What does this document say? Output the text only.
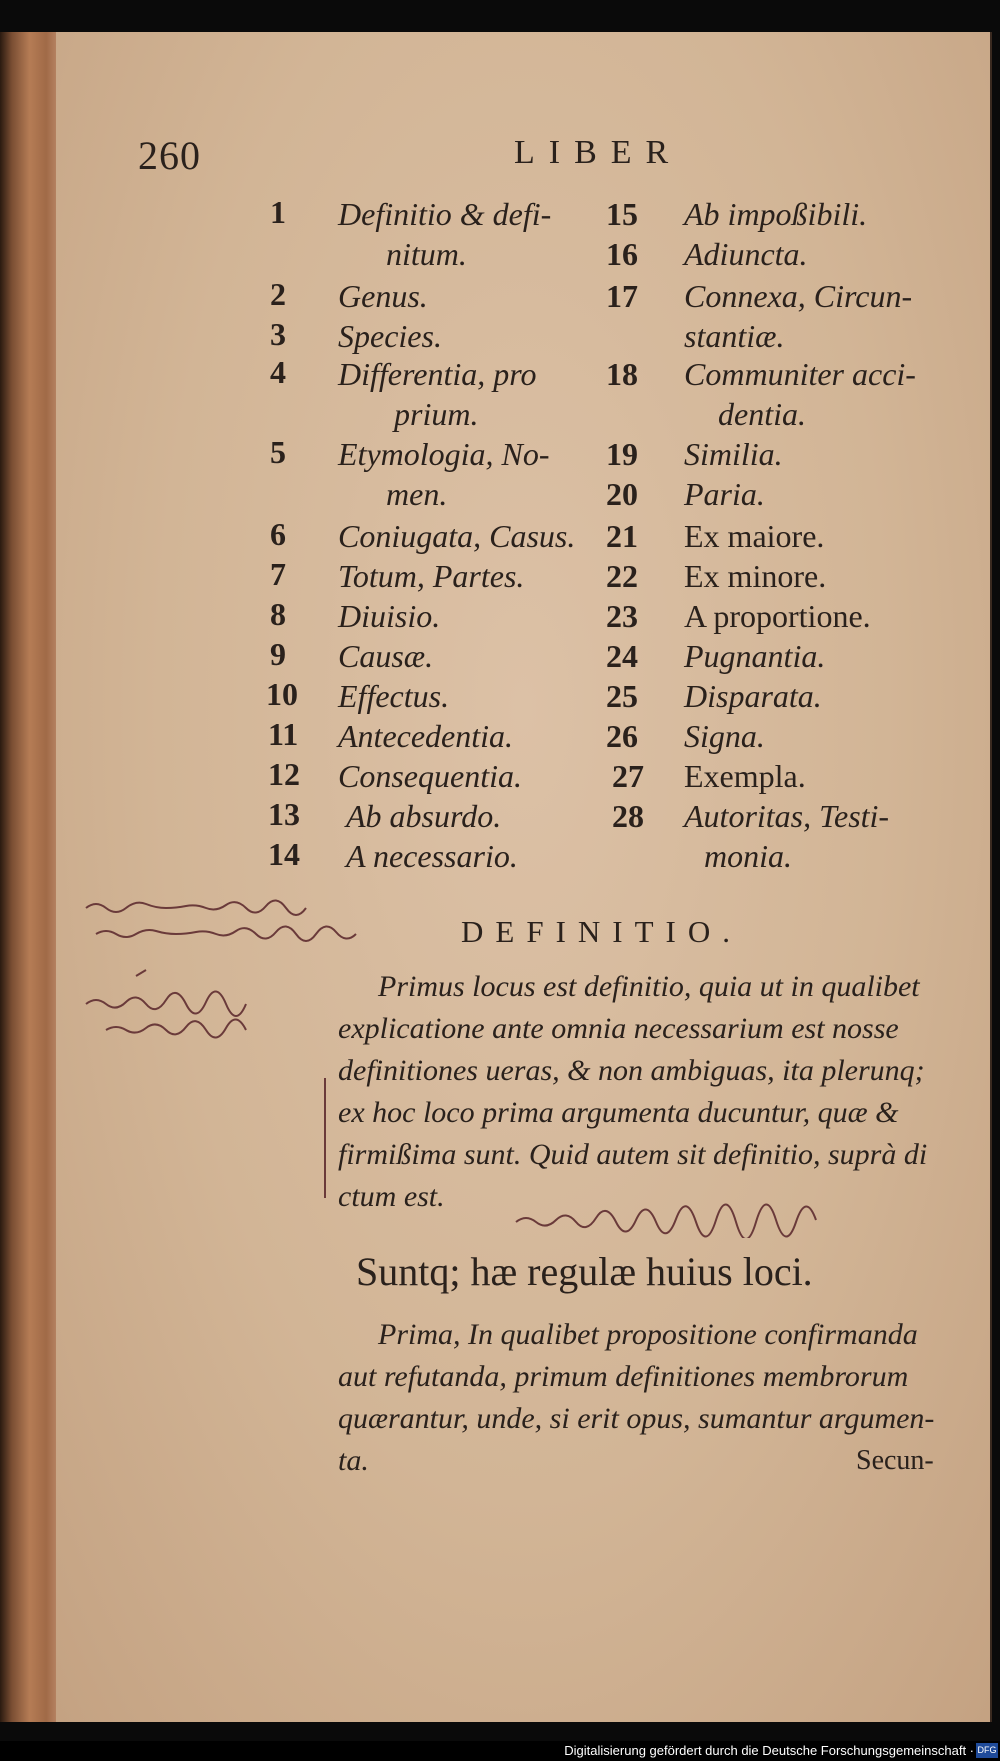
260	LIBER
1 Definitio & defi-
nitum.
2 Genus.
3 Species.
4 Differentia, pro
prium.
5 Etymologia, No-
men.
6 Coniugata, Casus.
7 Totum, Partes.
8 Diuisio.
9 Causæ.
10 Effectus.
11 Antecedentia.
12 Consequentia.
13 Ab absurdo.
14 A necessario.
15 Ab impoßibili.
16 Adiuncta.
17 Connexa, Circun-
stantiæ.
18 Communiter acci-
dentia.
19 Similia.
20 Paria.
21 Ex maiore.
22 Ex minore.
23 A proportione.
24 Pugnantia.
25 Disparata.
26 Signa.
27 Exempla.
28 Autoritas, Testi-
monia.
DEFINITIO.
Primus locus est definitio, quia ut in qualibet
explicatione ante omnia necessarium est nosse
definitiones ueras, & non ambiguas, ita plerunq;
ex hoc loco prima argumenta ducuntur, quæ &
firmißima sunt. Quid autem sit definitio, suprà di
ctum est.
Suntq; hæ regulæ huius loci.
Prima, In qualibet propositione confirmanda
aut refutanda, primum definitiones membrorum
quærantur, unde, si erit opus, sumantur argumen-
ta.	Secun-
Digitalisierung gefördert durch die Deutsche Forschungsgemeinschaft · DFG
